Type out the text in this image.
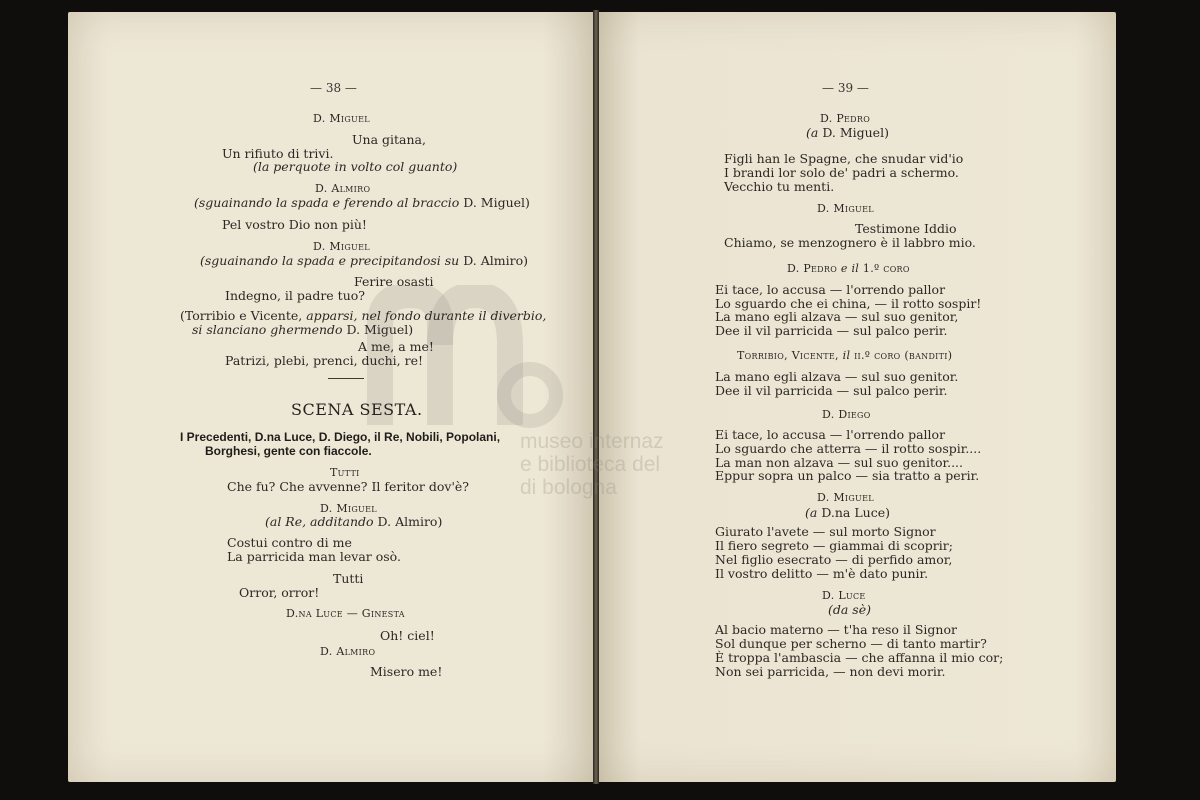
museo internaz
e biblioteca del
di bologna
— 38 —
D. Miguel
Una gitana,
Un rifiuto di trivi.
(la perquote in volto col guanto)
D. Almiro
(sguainando la spada e ferendo al braccio D. Miguel)
Pel vostro Dio non più!
D. Miguel
(sguainando la spada e precipitandosi su D. Almiro)
Ferire osasti
Indegno, il padre tuo?
(Torribio e Vicente, apparsi, nel fondo durante il diverbio,
si slanciano ghermendo D. Miguel)
A me, a me!
Patrizi, plebi, prenci, duchi, re!
SCENA SESTA.
I Precedenti, D.na Luce, D. Diego, il Re, Nobili, Popolani,
Borghesi, gente con fiaccole.
Tutti
Che fu? Che avvenne? Il feritor dov'è?
D. Miguel
(al Re, additando D. Almiro)
Costui contro di me
La parricida man levar osò.
Tutti
Orror, orror!
D.na Luce — Ginesta
Oh! ciel!
D. Almiro
Misero me!
— 39 —
D. Pedro
(a D. Miguel)
Figli han le Spagne, che snudar vid'io
I brandi lor solo de' padri a schermo.
Vecchio tu menti.
D. Miguel
Testimone Iddio
Chiamo, se menzognero è il labbro mio.
D. Pedro e il 1.º coro
Ei tace, lo accusa — l'orrendo pallor
Lo sguardo che ei china, — il rotto sospir!
La mano egli alzava — sul suo genitor,
Dee il vil parricida — sul palco perir.
Torribio, Vicente, il ii.º coro (banditi)
La mano egli alzava — sul suo genitor.
Dee il vil parricida — sul palco perir.
D. Diego
Ei tace, lo accusa — l'orrendo pallor
Lo sguardo che atterra — il rotto sospir....
La man non alzava — sul suo genitor....
Eppur sopra un palco — sia tratto a perir.
D. Miguel
(a D.na Luce)
Giurato l'avete — sul morto Signor
Il fiero segreto — giammai di scoprir;
Nel figlio esecrato — di perfido amor,
Il vostro delitto — m'è dato punir.
D. Luce
(da sè)
Al bacio materno — t'ha reso il Signor
Sol dunque per scherno — di tanto martir?
È troppa l'ambascia — che affanna il mio cor;
Non sei parricida, — non devi morir.
